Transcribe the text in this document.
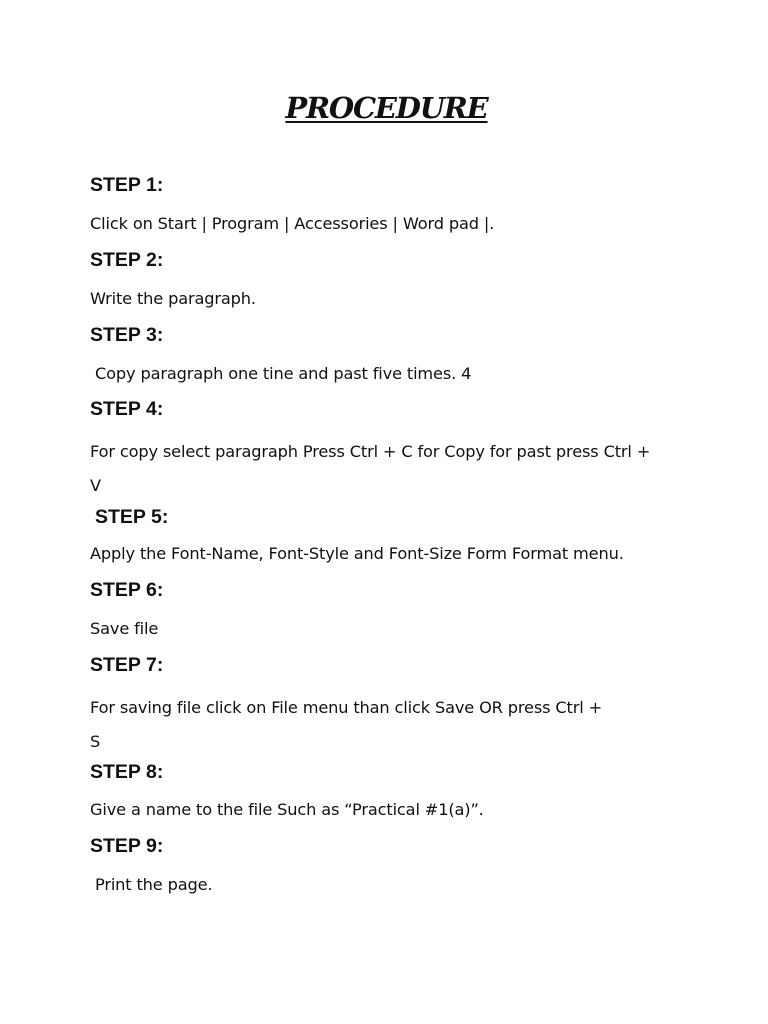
PROCEDURE
STEP 1:
Click on Start | Program | Accessories | Word pad |.
STEP 2:
Write the paragraph.
STEP 3:
Copy paragraph one tine and past five times. 4
STEP 4:
For copy select paragraph Press Ctrl + C for Copy for past press Ctrl +
V
STEP 5:
Apply the Font-Name, Font-Style and Font-Size Form Format menu.
STEP 6:
Save file
STEP 7:
For saving file click on File menu than click Save OR press Ctrl +
S
STEP 8:
Give a name to the file Such as “Practical #1(a)”.
STEP 9:
Print the page.
